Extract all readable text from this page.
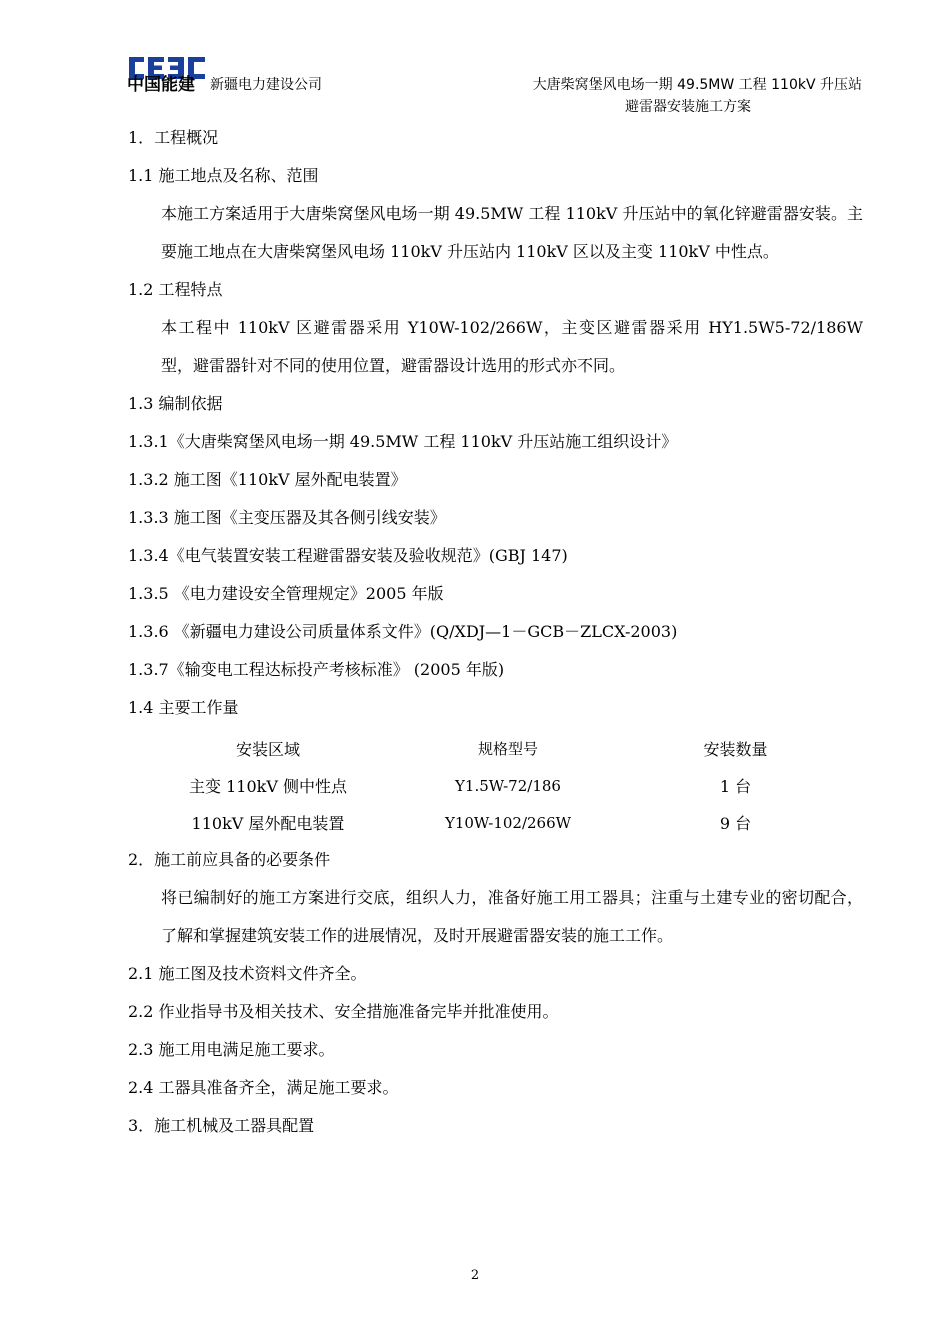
中国能建 新疆电力建设公司	大唐柴窝堡风电场一期 49.5MW 工程 110kV 升压站

避雷器安装施工方案
1．工程概况
1.1 施工地点及名称、范围
本施工方案适用于大唐柴窝堡风电场一期 49.5MW 工程 110kV 升压站中的氧化锌避雷器安装。主要施工地点在大唐柴窝堡风电场 110kV 升压站内 110kV 区以及主变 110kV 中性点。
1.2 工程特点
本工程中 110kV 区避雷器采用 Y10W-102/266W，主变区避雷器采用 HY1.5W5-72/186W 型，避雷器针对不同的使用位置，避雷器设计选用的形式亦不同。
1.3 编制依据
1.3.1《大唐柴窝堡风电场一期 49.5MW 工程 110kV 升压站施工组织设计》
1.3.2 施工图《110kV 屋外配电装置》
1.3.3 施工图《主变压器及其各侧引线安装》
1.3.4《电气装置安装工程避雷器安装及验收规范》(GBJ 147)
1.3.5 《电力建设安全管理规定》2005 年版
1.3.6 《新疆电力建设公司质量体系文件》(Q/XDJ—1－GCB－ZLCX-2003)
1.3.7《输变电工程达标投产考核标准》 (2005 年版)
1.4 主要工作量
安装区域	规格型号	安装数量
主变 110kV 侧中性点	Y1.5W-72/186	1 台
110kV 屋外配电装置	Y10W-102/266W	9 台
2．施工前应具备的必要条件
将已编制好的施工方案进行交底，组织人力，准备好施工用工器具；注重与土建专业的密切配合，了解和掌握建筑安装工作的进展情况，及时开展避雷器安装的施工工作。
2.1 施工图及技术资料文件齐全。
2.2 作业指导书及相关技术、安全措施准备完毕并批准使用。
2.3 施工用电满足施工要求。
2.4 工器具准备齐全，满足施工要求。
3．施工机械及工器具配置
2
